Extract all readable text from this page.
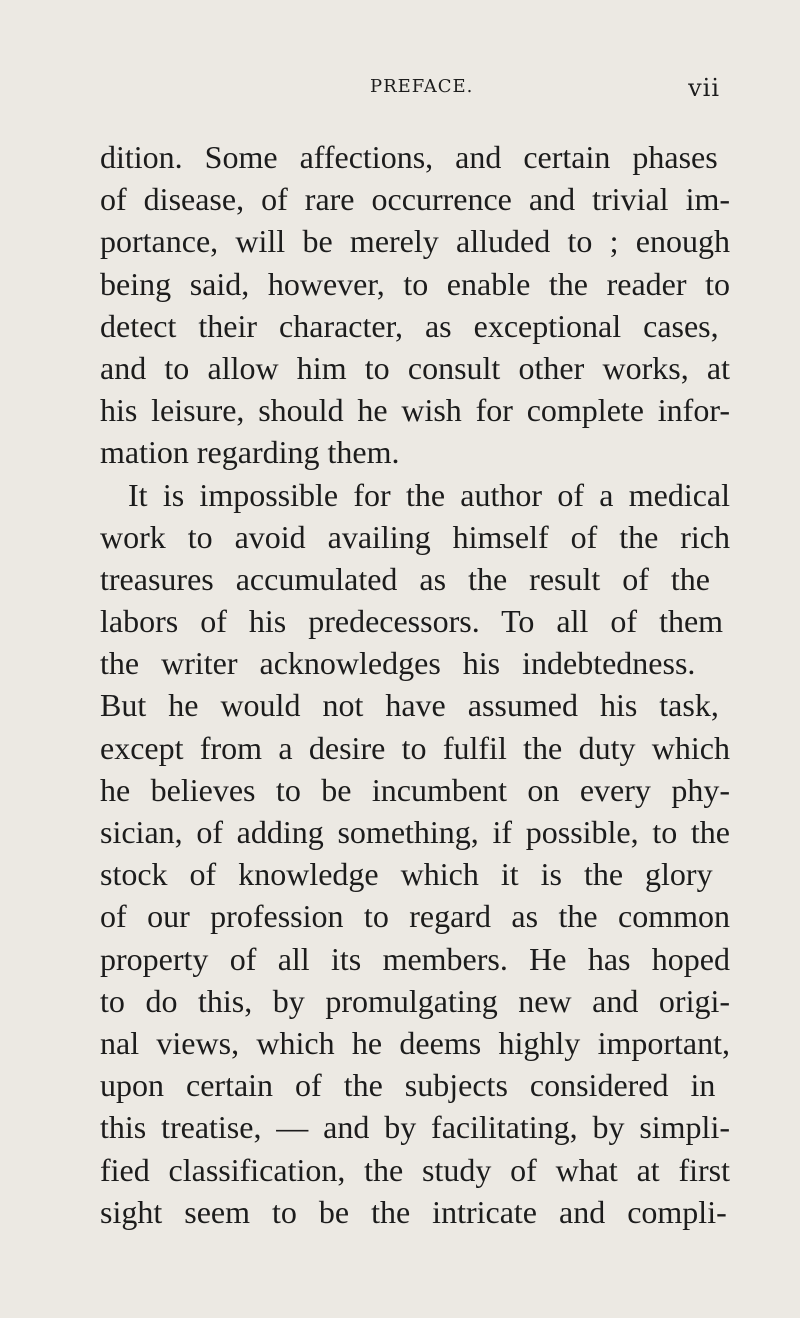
PREFACE.	vii
dition. Some affections, and certain phases
of disease, of rare occurrence and trivial im-
portance, will be merely alluded to ; enough
being said, however, to enable the reader to
detect their character, as exceptional cases,
and to allow him to consult other works, at
his leisure, should he wish for complete infor-
mation regarding them.
It is impossible for the author of a medical
work to avoid availing himself of the rich
treasures accumulated as the result of the
labors of his predecessors. To all of them
the writer acknowledges his indebtedness.
But he would not have assumed his task,
except from a desire to fulfil the duty which
he believes to be incumbent on every phy-
sician, of adding something, if possible, to the
stock of knowledge which it is the glory
of our profession to regard as the common
property of all its members. He has hoped
to do this, by promulgating new and origi-
nal views, which he deems highly important,
upon certain of the subjects considered in
this treatise, — and by facilitating, by simpli-
fied classification, the study of what at first
sight seem to be the intricate and compli-
